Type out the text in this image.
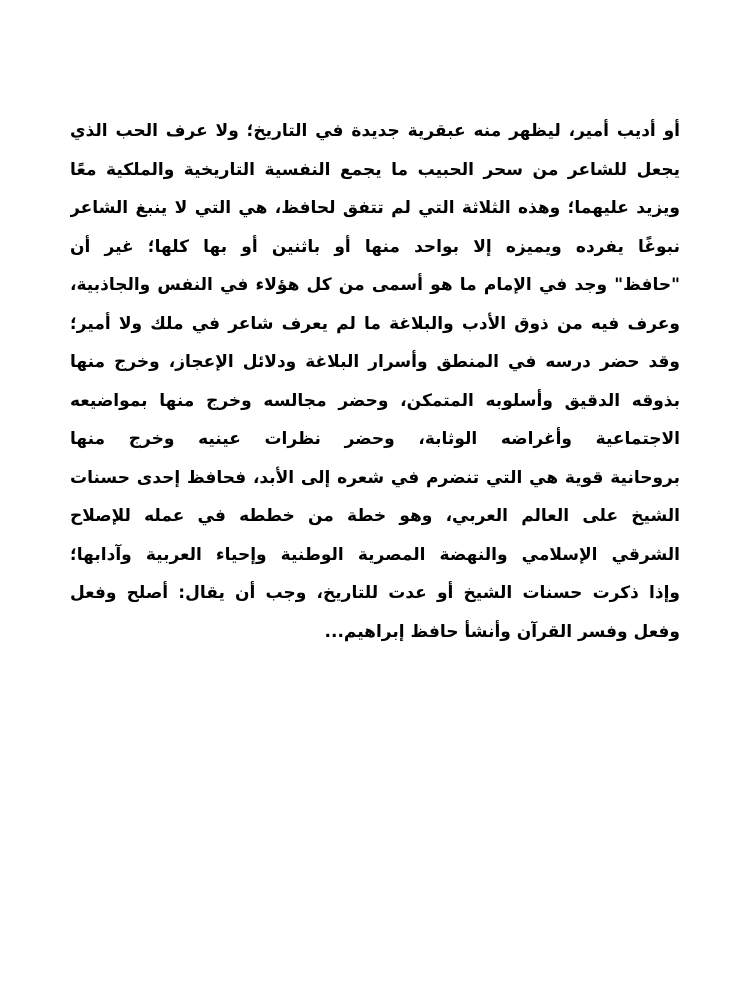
أو أديب أمير، ليظهر منه عبقرية جديدة في التاريخ؛ ولا عرف الحب الذي
يجعل للشاعر من سحر الحبيب ما يجمع النفسية التاريخية والملكية معًا
ويزيد عليهما؛ وهذه الثلاثة التي لم تتفق لحافظ، هي التي لا ينبغ الشاعر
نبوغًا يفرده ويميزه إلا بواحد منها أو باثنين أو بها كلها؛ غير أن
"حافظ" وجد في الإمام ما هو أسمى من كل هؤلاء في النفس والجاذبية،
وعرف فيه من ذوق الأدب والبلاغة ما لم يعرف شاعر في ملك ولا أمير؛
وقد حضر درسه في المنطق وأسرار البلاغة ودلائل الإعجاز، وخرج منها
بذوقه الدقيق وأسلوبه المتمكن، وحضر مجالسه وخرج منها بمواضيعه
الاجتماعية وأغراضه الوثابة، وحضر نظرات عينيه وخرج منها
بروحانية قوية هي التي تنضرم في شعره إلى الأبد، فحافظ إحدى حسنات
الشيخ على العالم العربي، وهو خطة من خططه في عمله للإصلاح
الشرقي الإسلامي والنهضة المصرية الوطنية وإحياء العربية وآدابها؛
وإذا ذكرت حسنات الشيخ أو عدت للتاريخ، وجب أن يقال: أصلح وفعل
وفعل وفسر القرآن وأنشأ حافظ إبراهيم...
